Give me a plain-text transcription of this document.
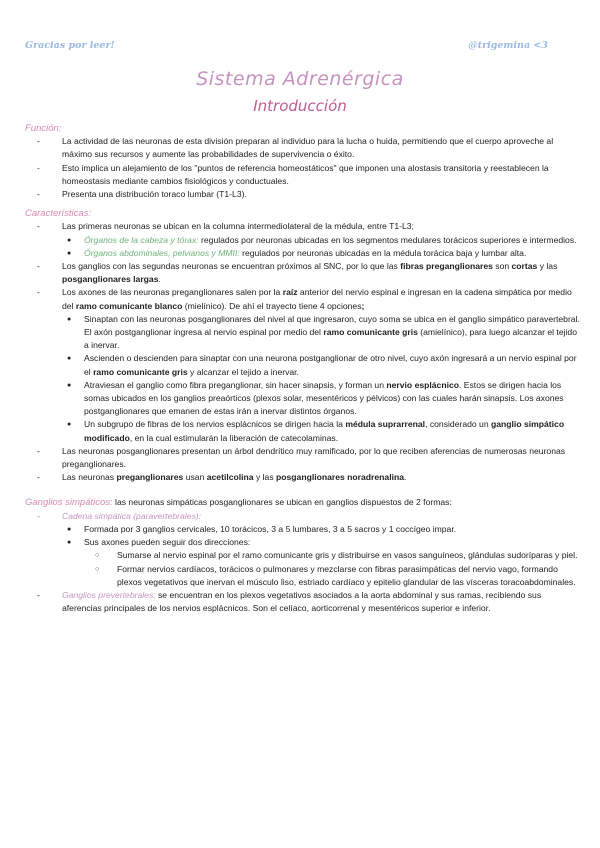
Gracias por leer!	@trigemina <3
Sistema Adrenérgica
Introducción
Función:
- La actividad de las neuronas de esta división preparan al individuo para la lucha o huida, permitiendo que el cuerpo aproveche al máximo sus recursos y aumente las probabilidades de supervivencia o éxito.
- Esto implica un alejamiento de los "puntos de referencia homeostáticos" que imponen una alostasis transitoria y reestablecen la homeostasis mediante cambios fisiológicos y conductuales.
- Presenta una distribución toraco lumbar (T1-L3).
Características:
- Las primeras neuronas se ubican en la columna intermediolateral de la médula, entre T1-L3;
● Órganos de la cabeza y tórax: regulados por neuronas ubicadas en los segmentos medulares torácicos superiores e intermedios.
● Órganos abdominales, pelvianos y MMII: regulados por neuronas ubicadas en la médula torácica baja y lumbar alta.
- Los ganglios con las segundas neuronas se encuentran próximos al SNC, por lo que las fibras preganglionares son cortas y las posganglionares largas.
- Los axones de las neuronas preganglionares salen por la raíz anterior del nervio espinal e ingresan en la cadena simpática por medio del ramo comunicante blanco (mielínico). De ahí el trayecto tiene 4 opciones;
● Sinaptan con las neuronas posganglionares del nivel al que ingresaron, cuyo soma se ubica en el ganglio simpático paravertebral. El axón postganglionar ingresa al nervio espinal por medio del ramo comunicante gris (amielínico), para luego alcanzar el tejido a inervar.
● Ascienden o descienden para sinaptar con una neurona postganglionar de otro nivel, cuyo axón ingresará a un nervio espinal por el ramo comunicante gris y alcanzar el tejido a inervar.
● Atraviesan el ganglio como fibra preganglionar, sin hacer sinapsis, y forman un nervio esplácnico. Estos se dirigen hacia los somas ubicados en los ganglios preaórticos (plexos solar, mesentéricos y pélvicos) con las cuales harán sinapsis. Los axones postganglionares que emanen de estas irán a inervar distintos órganos.
● Un subgrupo de fibras de los nervios esplácnicos se dirigen hacia la médula suprarrenal, considerado un ganglio simpático modificado, en la cual estimularán la liberación de catecolaminas.
- Las neuronas posganglionares presentan un árbol dendrítico muy ramificado, por lo que reciben aferencias de numerosas neuronas preganglionares.
- Las neuronas preganglionares usan acetilcolina y las posganglionares noradrenalina.
Ganglios simpáticos: las neuronas simpáticas posganglionares se ubican en ganglios dispuestos de 2 formas:
- Cadena simpática (paravertebrales):
● Formada por 3 ganglios cervicales, 10 torácicos, 3 a 5 lumbares, 3 a 5 sacros y 1 coccígeo impar.
● Sus axones pueden seguir dos direcciones:
○ Sumarse al nervio espinal por el ramo comunicante gris y distribuirse en vasos sanguíneos, glándulas sudoríparas y piel.
○ Formar nervios cardíacos, torácicos o pulmonares y mezclarse con fibras parasimpáticas del nervio vago, formando plexos vegetativos que inervan el músculo liso, estriado cardíaco y epitelio glandular de las vísceras toracoabdominales.
- Ganglios prevertebrales: se encuentran en los plexos vegetativos asociados a la aorta abdominal y sus ramas, recibiendo sus aferencias principales de los nervios esplácnicos. Son el celíaco, aorticorrenal y mesentéricos superior e inferior.
